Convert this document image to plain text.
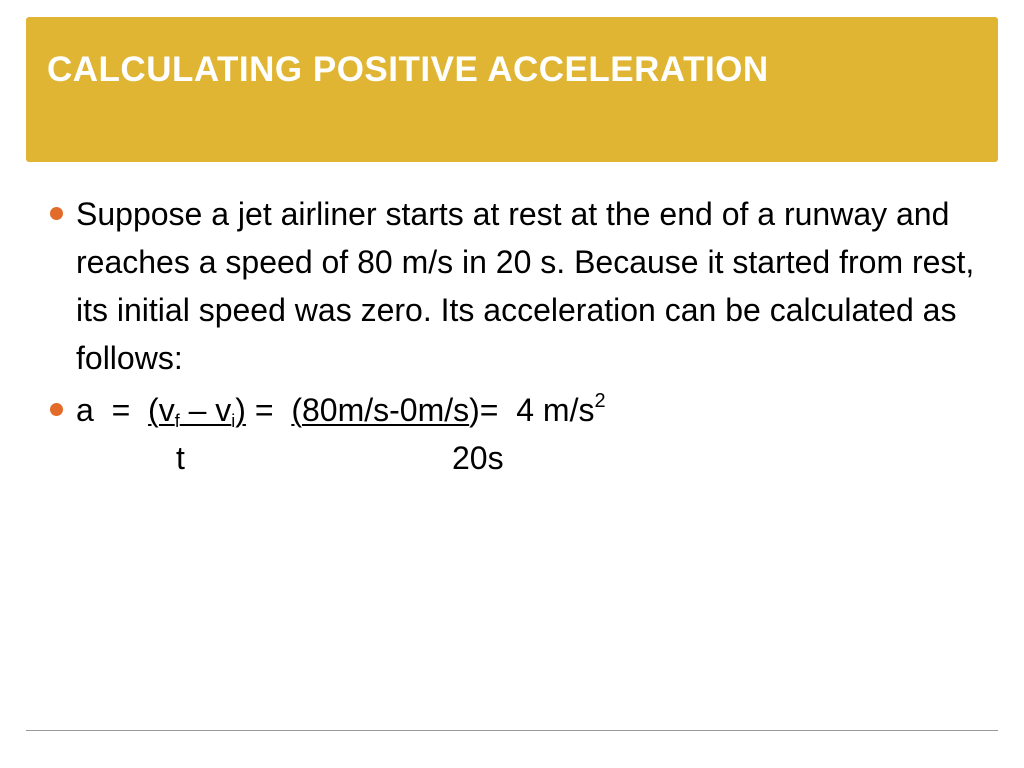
CALCULATING POSITIVE ACCELERATION

Suppose a jet airliner starts at rest at the end of a runway and reaches a speed of 80 m/s in 20 s. Because it started from rest, its initial speed was zero. Its acceleration can be calculated as follows:

$a = (v_f - v_i) = (80m/s-0m/s)= 4$ $m/s^2$
t	20s
